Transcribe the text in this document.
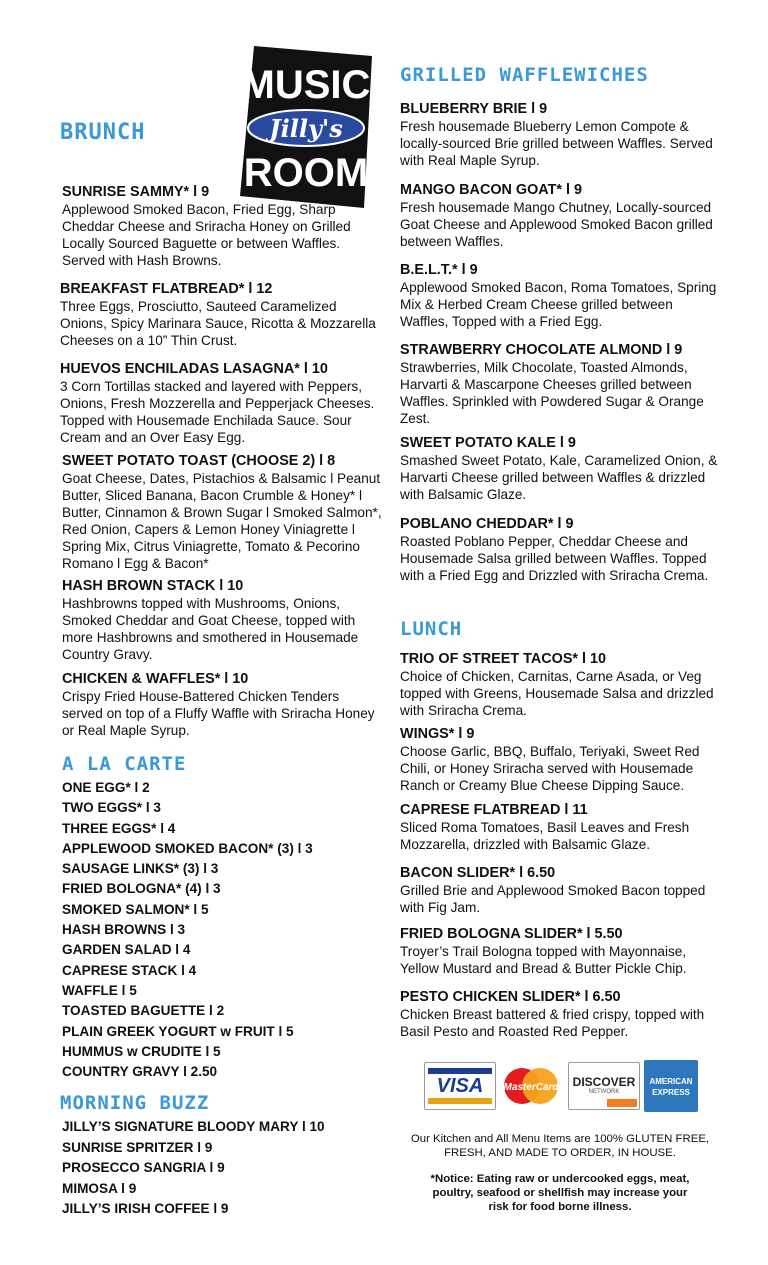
MUSIC
Jilly's
ROOM
BRUNCH
SUNRISE SAMMY* l 9
Applewood Smoked Bacon, Fried Egg, Sharp Cheddar Cheese and Sriracha Honey on Grilled Locally Sourced Baguette or between Waffles. Served with Hash Browns.
BREAKFAST FLATBREAD* l 12
Three Eggs, Prosciutto, Sauteed Caramelized Onions, Spicy Marinara Sauce, Ricotta & Mozzarella Cheeses on a 10” Thin Crust.
HUEVOS ENCHILADAS LASAGNA* l 10
3 Corn Tortillas stacked and layered with Peppers, Onions, Fresh Mozzerella and Pepperjack Cheeses. Topped with Housemade Enchilada Sauce. Sour Cream and an Over Easy Egg.
SWEET POTATO TOAST (CHOOSE 2) l 8
Goat Cheese, Dates, Pistachios & Balsamic l Peanut Butter, Sliced Banana, Bacon Crumble & Honey* l Butter, Cinnamon & Brown Sugar l Smoked Salmon*, Red Onion, Capers & Lemon Honey Viniagrette l Spring Mix, Citrus Viniagrette, Tomato & Pecorino Romano l Egg & Bacon*
HASH BROWN STACK l 10
Hashbrowns topped with Mushrooms, Onions, Smoked Cheddar and Goat Cheese, topped with more Hashbrowns and smothered in Housemade Country Gravy.
CHICKEN & WAFFLES* l 10
Crispy Fried House-Battered Chicken Tenders served on top of a Fluffy Waffle with Sriracha Honey or Real Maple Syrup.
A LA CARTE
ONE EGG* l 2
TWO EGGS* l 3
THREE EGGS* l 4
APPLEWOOD SMOKED BACON* (3) l 3
SAUSAGE LINKS* (3) l 3
FRIED BOLOGNA* (4) l 3
SMOKED SALMON* l 5
HASH BROWNS l 3
GARDEN SALAD l 4
CAPRESE STACK l 4
WAFFLE l 5
TOASTED BAGUETTE l 2
PLAIN GREEK YOGURT w FRUIT l 5
HUMMUS w CRUDITE l 5
COUNTRY GRAVY l 2.50
MORNING BUZZ
JILLY’S SIGNATURE BLOODY MARY l 10
SUNRISE SPRITZER l 9
PROSECCO SANGRIA l 9
MIMOSA l 9
JILLY’S IRISH COFFEE l 9
GRILLED WAFFLEWICHES
BLUEBERRY BRIE l 9
Fresh housemade Blueberry Lemon Compote & locally-sourced Brie grilled between Waffles. Served with Real Maple Syrup.
MANGO BACON GOAT* l 9
Fresh housemade Mango Chutney, Locally-sourced Goat Cheese and Applewood Smoked Bacon grilled between Waffles.
B.E.L.T.* l 9
Applewood Smoked Bacon, Roma Tomatoes, Spring Mix & Herbed Cream Cheese grilled between Waffles, Topped with a Fried Egg.
STRAWBERRY CHOCOLATE ALMOND l 9
Strawberries, Milk Chocolate, Toasted Almonds, Harvarti & Mascarpone Cheeses grilled between Waffles. Sprinkled with Powdered Sugar & Orange Zest.
SWEET POTATO KALE l 9
Smashed Sweet Potato, Kale, Caramelized Onion, & Harvarti Cheese grilled between Waffles & drizzled with Balsamic Glaze.
POBLANO CHEDDAR* l 9
Roasted Poblano Pepper, Cheddar Cheese and Housemade Salsa grilled between Waffles. Topped with a Fried Egg and Drizzled with Sriracha Crema.
LUNCH
TRIO OF STREET TACOS* l 10
Choice of Chicken, Carnitas, Carne Asada, or Veg topped with Greens, Housemade Salsa and drizzled with Sriracha Crema.
WINGS* l 9
Choose Garlic, BBQ, Buffalo, Teriyaki, Sweet Red Chili, or Honey Sriracha served with Housemade Ranch or Creamy Blue Cheese Dipping Sauce.
CAPRESE FLATBREAD l 11
Sliced Roma Tomatoes, Basil Leaves and Fresh Mozzarella, drizzled with Balsamic Glaze.
BACON SLIDER* l 6.50
Grilled Brie and Applewood Smoked Bacon topped with Fig Jam.
FRIED BOLOGNA SLIDER* l 5.50
Troyer’s Trail Bologna topped with Mayonnaise, Yellow Mustard and Bread & Butter Pickle Chip.
PESTO CHICKEN SLIDER* l 6.50
Chicken Breast battered & fried crispy, topped with Basil Pesto and Roasted Red Pepper.
VISA	MasterCard	DISCOVER
NETWORK
AMERICAN
EXPRESS
Our Kitchen and All Menu Items are 100% GLUTEN FREE, FRESH, AND MADE TO ORDER, IN HOUSE.
*Notice: Eating raw or undercooked eggs, meat, poultry, seafood or shellfish may increase your risk for food borne illness.
